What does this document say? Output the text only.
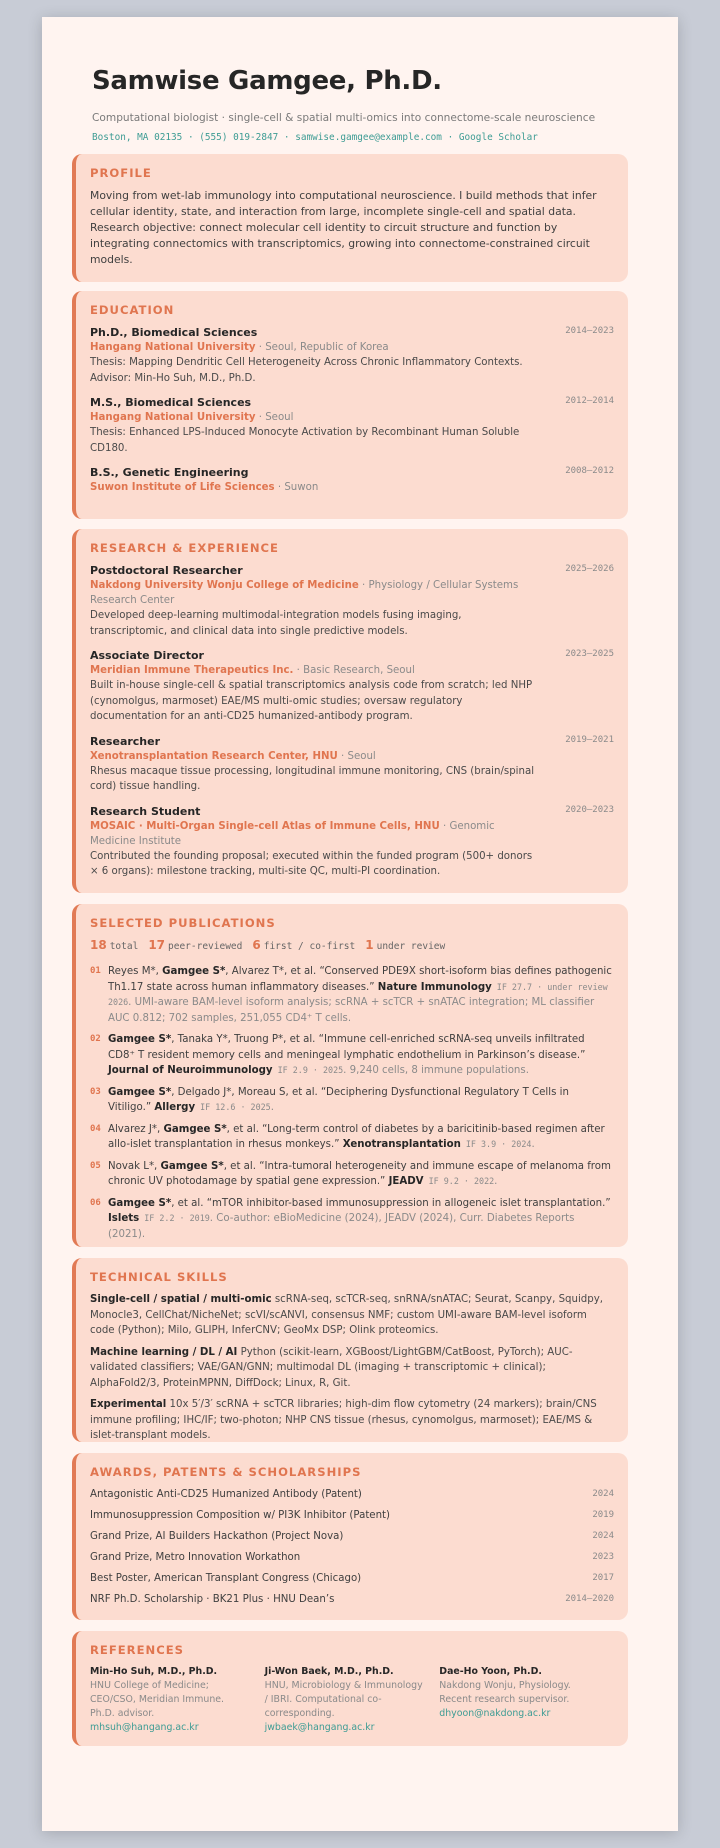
Samwise Gamgee, Ph.D.
Computational biologist · single-cell & spatial multi-omics into connectome-scale neuroscience
Boston, MA 02135 · (555) 019-2847 · samwise.gamgee@example.com · Google Scholar
PROFILE
Moving from wet-lab immunology into computational neuroscience. I build methods that infer cellular identity, state, and interaction from large, incomplete single-cell and spatial data. Research objective: connect molecular cell identity to circuit structure and function by integrating connectomics with transcriptomics, growing into connectome-constrained circuit models.
EDUCATION
Ph.D., Biomedical Sciences	2014–2023
Hangang National University · Seoul, Republic of Korea
Thesis: Mapping Dendritic Cell Heterogeneity Across Chronic Inflammatory Contexts. Advisor: Min-Ho Suh, M.D., Ph.D.
M.S., Biomedical Sciences	2012–2014
Hangang National University · Seoul
Thesis: Enhanced LPS-Induced Monocyte Activation by Recombinant Human Soluble CD180.
B.S., Genetic Engineering	2008–2012
Suwon Institute of Life Sciences · Suwon
RESEARCH & EXPERIENCE
Postdoctoral Researcher	2025–2026
Nakdong University Wonju College of Medicine · Physiology / Cellular Systems Research Center
Developed deep-learning multimodal-integration models fusing imaging, transcriptomic, and clinical data into single predictive models.
Associate Director	2023–2025
Meridian Immune Therapeutics Inc. · Basic Research, Seoul
Built in-house single-cell & spatial transcriptomics analysis code from scratch; led NHP (cynomolgus, marmoset) EAE/MS multi-omic studies; oversaw regulatory documentation for an anti-CD25 humanized-antibody program.
Researcher	2019–2021
Xenotransplantation Research Center, HNU · Seoul
Rhesus macaque tissue processing, longitudinal immune monitoring, CNS (brain/spinal cord) tissue handling.
Research Student	2020–2023
MOSAIC · Multi-Organ Single-cell Atlas of Immune Cells, HNU · Genomic Medicine Institute
Contributed the founding proposal; executed within the funded program (500+ donors × 6 organs): milestone tracking, multi-site QC, multi-PI coordination.
SELECTED PUBLICATIONS
18 total 17 peer-reviewed 6 first / co-first 1 under review
01 Reyes M*, Gamgee S*, Alvarez T*, et al. “Conserved PDE9X short-isoform bias defines pathogenic Th1.17 state across human inflammatory diseases.” Nature Immunology IF 27.7 · under review 2026. UMI-aware BAM-level isoform analysis; scRNA + scTCR + snATAC integration; ML classifier AUC 0.812; 702 samples, 251,055 CD4⁺ T cells.
02 Gamgee S*, Tanaka Y*, Truong P*, et al. “Immune cell-enriched scRNA-seq unveils infiltrated CD8⁺ T resident memory cells and meningeal lymphatic endothelium in Parkinson’s disease.” Journal of Neuroimmunology IF 2.9 · 2025. 9,240 cells, 8 immune populations.
03 Gamgee S*, Delgado J*, Moreau S, et al. “Deciphering Dysfunctional Regulatory T Cells in Vitiligo.” Allergy IF 12.6 · 2025.
04 Alvarez J*, Gamgee S*, et al. “Long-term control of diabetes by a baricitinib-based regimen after allo-islet transplantation in rhesus monkeys.” Xenotransplantation IF 3.9 · 2024.
05 Novak L*, Gamgee S*, et al. “Intra-tumoral heterogeneity and immune escape of melanoma from chronic UV photodamage by spatial gene expression.” JEADV IF 9.2 · 2022.
06 Gamgee S*, et al. “mTOR inhibitor-based immunosuppression in allogeneic islet transplantation.” Islets IF 2.2 · 2019. Co-author: eBioMedicine (2024), JEADV (2024), Curr. Diabetes Reports (2021).
TECHNICAL SKILLS
Single-cell / spatial / multi-omic scRNA-seq, scTCR-seq, snRNA/snATAC; Seurat, Scanpy, Squidpy, Monocle3, CellChat/NicheNet; scVI/scANVI, consensus NMF; custom UMI-aware BAM-level isoform code (Python); Milo, GLIPH, InferCNV; GeoMx DSP; Olink proteomics.
Machine learning / DL / AI Python (scikit-learn, XGBoost/LightGBM/CatBoost, PyTorch); AUC-validated classifiers; VAE/GAN/GNN; multimodal DL (imaging + transcriptomic + clinical); AlphaFold2/3, ProteinMPNN, DiffDock; Linux, R, Git.
Experimental 10x 5′/3′ scRNA + scTCR libraries; high-dim flow cytometry (24 markers); brain/CNS immune profiling; IHC/IF; two-photon; NHP CNS tissue (rhesus, cynomolgus, marmoset); EAE/MS & islet-transplant models.
AWARDS, PATENTS & SCHOLARSHIPS
Antagonistic Anti-CD25 Humanized Antibody (Patent)	2024
Immunosuppression Composition w/ PI3K Inhibitor (Patent)	2019
Grand Prize, AI Builders Hackathon (Project Nova)	2024
Grand Prize, Metro Innovation Workathon	2023
Best Poster, American Transplant Congress (Chicago)	2017
NRF Ph.D. Scholarship · BK21 Plus · HNU Dean’s	2014–2020
REFERENCES
Min-Ho Suh, M.D., Ph.D.
HNU College of Medicine; CEO/CSO, Meridian Immune. Ph.D. advisor.
mhsuh@hangang.ac.kr
Ji-Won Baek, M.D., Ph.D.
HNU, Microbiology & Immunology / IBRI. Computational co-corresponding.
jwbaek@hangang.ac.kr
Dae-Ho Yoon, Ph.D.
Nakdong Wonju, Physiology. Recent research supervisor.
dhyoon@nakdong.ac.kr
